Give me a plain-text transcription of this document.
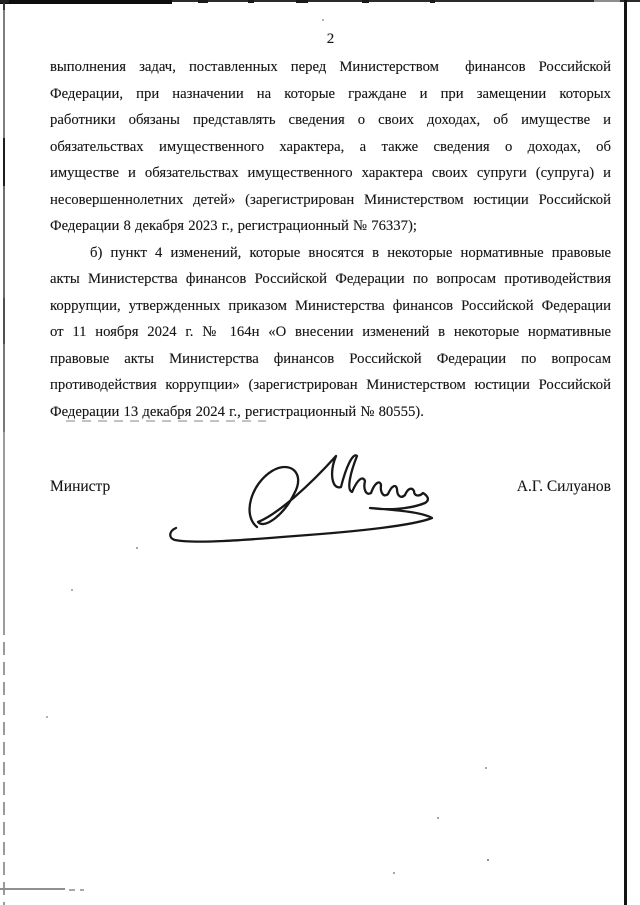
2
выполнения задач, поставленных перед Министерством  финансов Российской
Федерации, при назначении на которые граждане и при замещении которых
работники обязаны представлять сведения о своих доходах, об имуществе и
обязательствах имущественного характера, а также сведения о доходах, об
имуществе и обязательствах имущественного характера своих супруги (супруга) и
несовершеннолетних детей» (зарегистрирован Министерством юстиции Российской
Федерации 8 декабря 2023 г., регистрационный № 76337);
б) пункт 4 изменений, которые вносятся в некоторые нормативные правовые
акты Министерства финансов Российской Федерации по вопросам противодействия
коррупции, утвержденных приказом Министерства финансов Российской Федерации
от 11 ноября 2024 г. № 164н «О внесении изменений в некоторые нормативные
правовые акты Министерства финансов Российской Федерации по вопросам
противодействия коррупции» (зарегистрирован Министерством юстиции Российской
Федерации 13 декабря 2024 г., регистрационный № 80555).
Министр	А.Г. Силуанов
